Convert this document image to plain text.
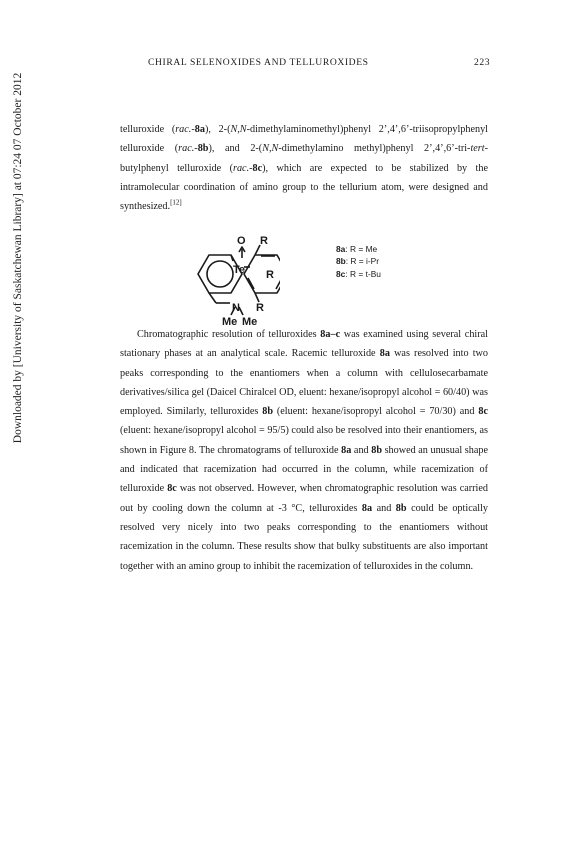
CHIRAL SELENOXIDES AND TELLUROXIDES	223
Downloaded by [University of Saskatchewan Library] at 07:24 07 October 2012	telluroxide (rac.-8a), 2-(N,N-dimethylaminomethyl)phenyl 2’,4’,6’-triisopropylphenyl telluroxide (rac.-8b), and 2-(N,N-dimethylamino methyl)phenyl 2’,4’,6’-tri-tert-butylphenyl telluroxide (rac.-8c), which are expected to be stabilized by the intramolecular coordination of amino group to the tellurium atom, were designed and synthesized.[12]

O
Te
N
R
R
R
Me Me
8a: R = Me
8b: R = i-Pr
8c: R = t-Bu

Chromatographic resolution of telluroxides 8a–c was examined using several chiral stationary phases at an analytical scale. Racemic telluroxide 8a was resolved into two peaks corresponding to the enantiomers when a column with cellulosecarbamate derivatives/silica gel (Daicel Chiralcel OD, eluent: hexane/isopropyl alcohol = 60/40) was employed. Similarly, telluroxides 8b (eluent: hexane/isopropyl alcohol = 70/30) and 8c (eluent: hexane/isopropyl alcohol = 95/5) could also be resolved into their enantiomers, as shown in Figure 8. The chromatograms of telluroxide 8a and 8b showed an unusual shape and indicated that racemization had occurred in the column, while racemization of telluroxide 8c was not observed. However, when chromatographic resolution was carried out by cooling down the column at -3 °C, telluroxides 8a and 8b could be optically resolved very nicely into two peaks corresponding to the enantiomers without racemization in the column. These results show that bulky substituents are also important together with an amino group to inhibit the racemization of telluroxides in the column.
